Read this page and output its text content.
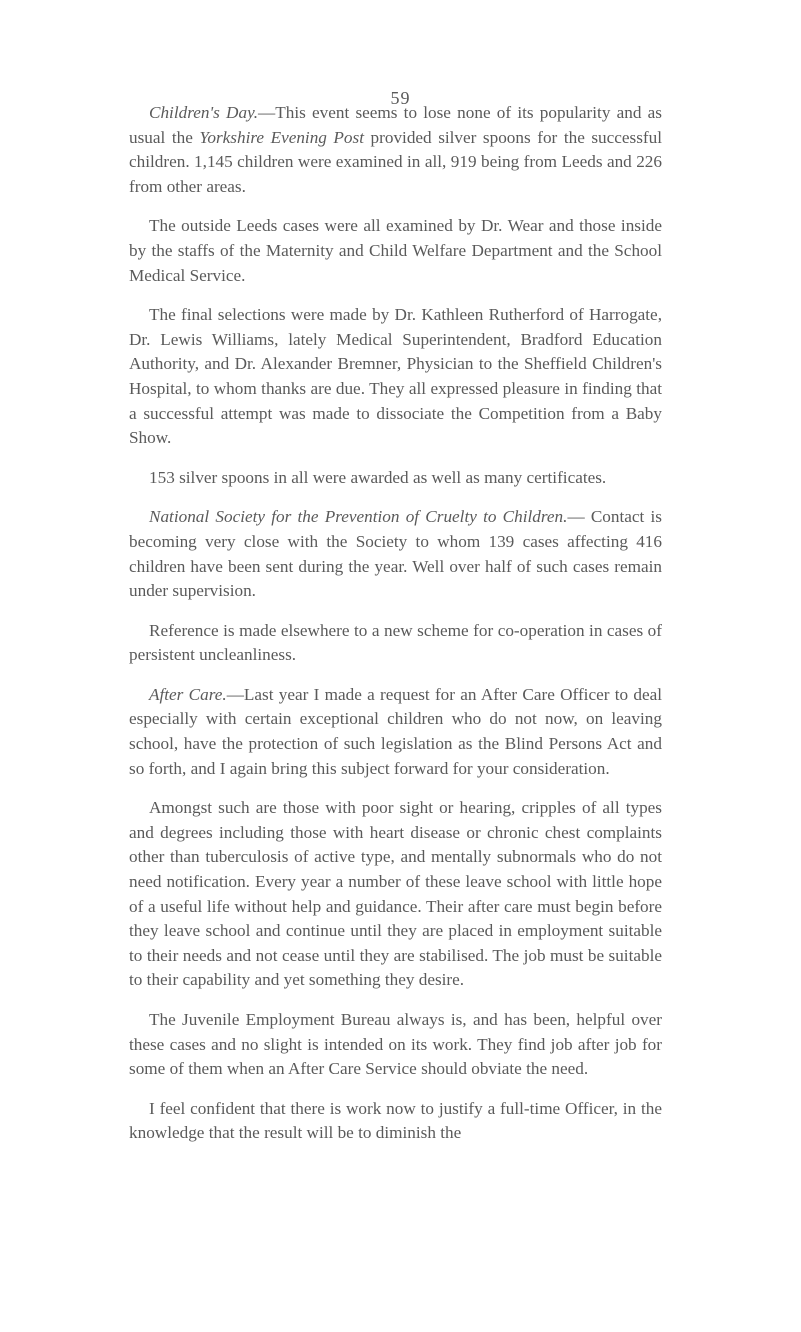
59

Children's Day.—This event seems to lose none of its popularity and as usual the Yorkshire Evening Post provided silver spoons for the successful children. 1,145 children were examined in all, 919 being from Leeds and 226 from other areas.

The outside Leeds cases were all examined by Dr. Wear and those inside by the staffs of the Maternity and Child Welfare Department and the School Medical Service.

The final selections were made by Dr. Kathleen Rutherford of Harrogate, Dr. Lewis Williams, lately Medical Superintendent, Bradford Education Authority, and Dr. Alexander Bremner, Physician to the Sheffield Children's Hospital, to whom thanks are due. They all expressed pleasure in finding that a successful attempt was made to dissociate the Competition from a Baby Show.

153 silver spoons in all were awarded as well as many certificates.

National Society for the Prevention of Cruelty to Children.— Contact is becoming very close with the Society to whom 139 cases affecting 416 children have been sent during the year. Well over half of such cases remain under supervision.

Reference is made elsewhere to a new scheme for co-operation in cases of persistent uncleanliness.

After Care.—Last year I made a request for an After Care Officer to deal especially with certain exceptional children who do not now, on leaving school, have the protection of such legislation as the Blind Persons Act and so forth, and I again bring this subject forward for your consideration.

Amongst such are those with poor sight or hearing, cripples of all types and degrees including those with heart disease or chronic chest complaints other than tuberculosis of active type, and mentally subnormals who do not need notification. Every year a number of these leave school with little hope of a useful life without help and guidance. Their after care must begin before they leave school and continue until they are placed in employment suitable to their needs and not cease until they are stabilised. The job must be suitable to their capability and yet something they desire.

The Juvenile Employment Bureau always is, and has been, helpful over these cases and no slight is intended on its work. They find job after job for some of them when an After Care Service should obviate the need.

I feel confident that there is work now to justify a full-time Officer, in the knowledge that the result will be to diminish the
